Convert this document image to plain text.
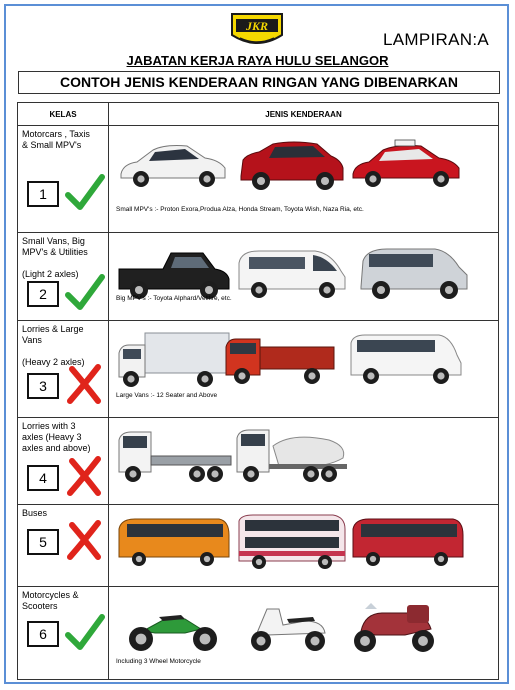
JKR
LAMPIRAN:A
JABATAN KERJA RAYA HULU SELANGOR
CONTOH JENIS KENDERAAN RINGAN YANG DIBENARKAN
KELAS	JENIS KENDERAAN

Motorcars , Taxis
& Small MPV's
1	Small MPV's :- Proton Exora,Produa Alza, Honda Stream, Toyota Wish, Naza Ria, etc.

Small Vans, Big
MPV's & Utilities

(Light 2 axles)
2	Big MPV's :- Toyota Alphard/Vellfire, etc.

Lorries & Large
Vans

(Heavy 2 axles)
3	Large Vans :- 12 Seater and Above

Lorries with 3
axles (Heavy 3
axles and above)
4

Buses
5

Motorcycles &
Scooters
6	Including 3 Wheel Motorcycle
